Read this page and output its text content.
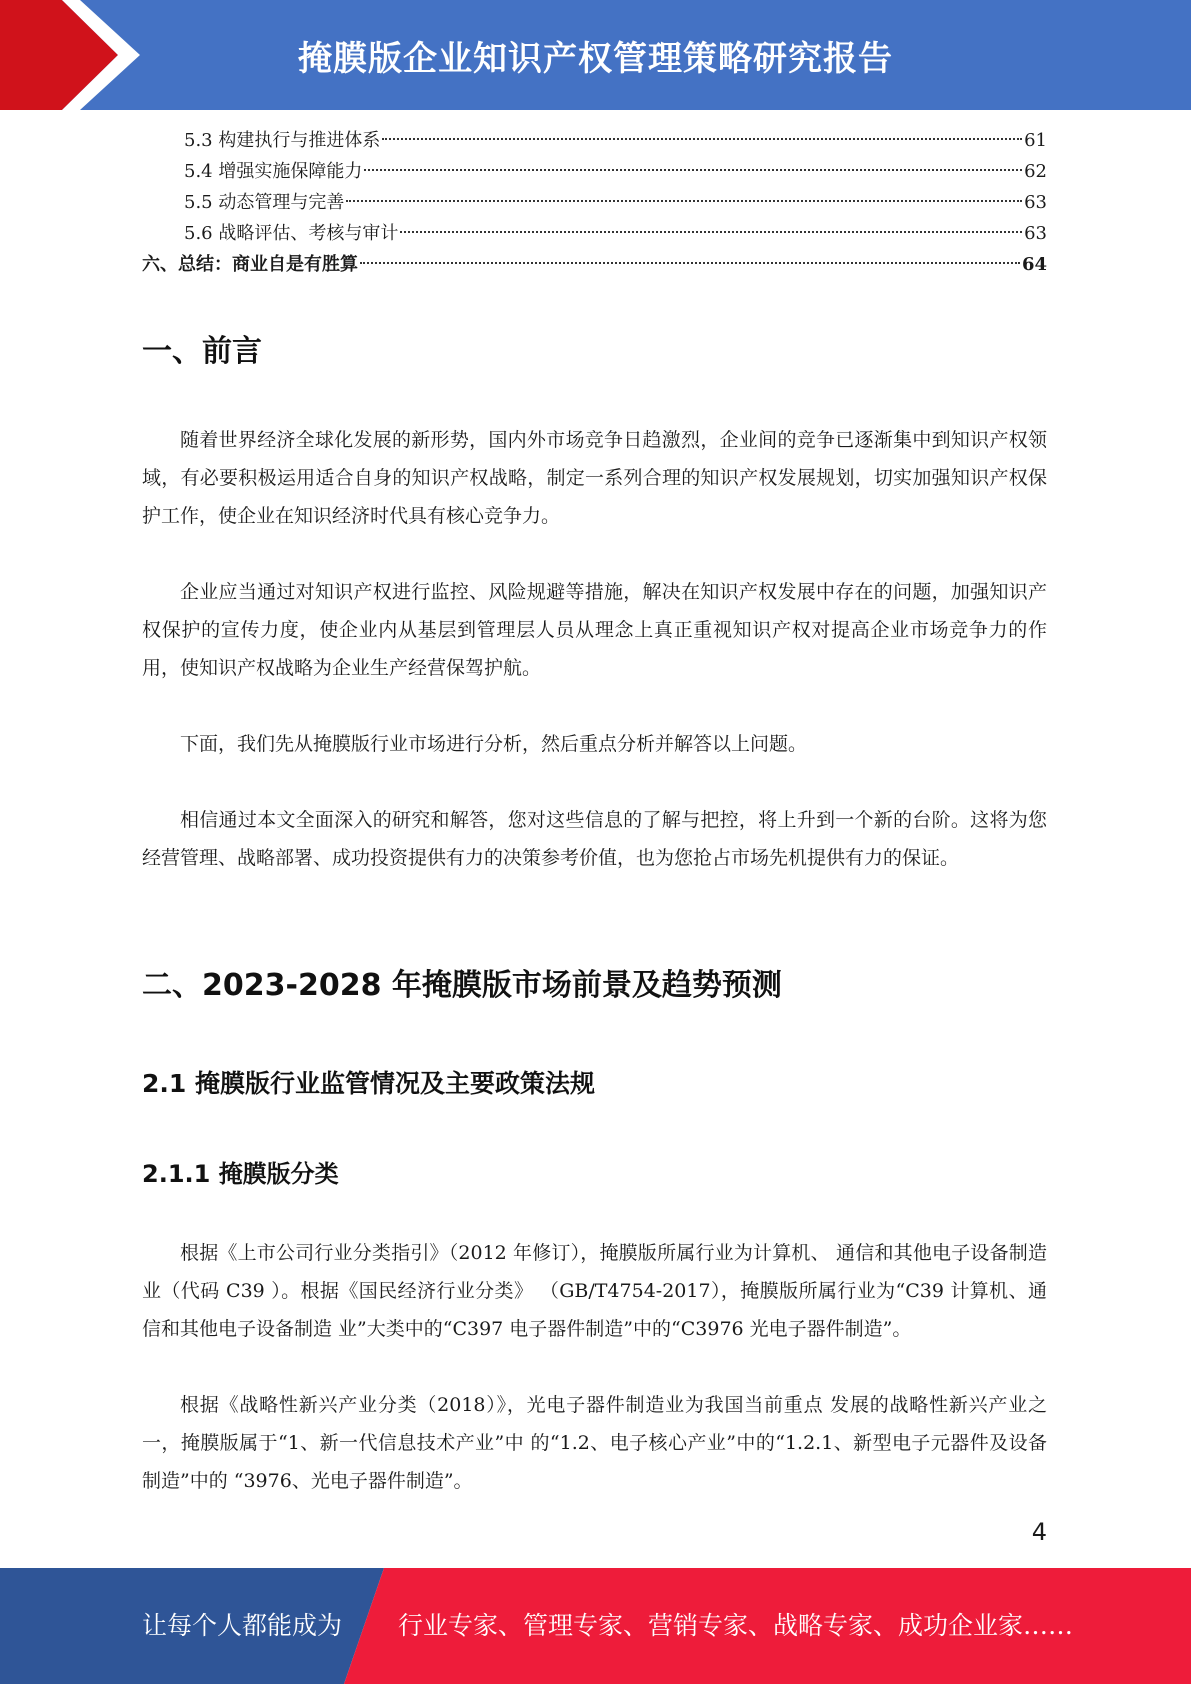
掩膜版企业知识产权管理策略研究报告
5.3 构建执行与推进体系	61
5.4 增强实施保障能力	62
5.5 动态管理与完善	63
5.6 战略评估、考核与审计	63
六、总结：商业自是有胜算	64
一、前言

随着世界经济全球化发展的新形势，国内外市场竞争日趋激烈，企业间的竞争已逐渐集中到知识产权领域，有必要积极运用适合自身的知识产权战略，制定一系列合理的知识产权发展规划，切实加强知识产权保护工作，使企业在知识经济时代具有核心竞争力。

企业应当通过对知识产权进行监控、风险规避等措施，解决在知识产权发展中存在的问题，加强知识产权保护的宣传力度，使企业内从基层到管理层人员从理念上真正重视知识产权对提高企业市场竞争力的作用，使知识产权战略为企业生产经营保驾护航。

下面，我们先从掩膜版行业市场进行分析，然后重点分析并解答以上问题。

相信通过本文全面深入的研究和解答，您对这些信息的了解与把控，将上升到一个新的台阶。这将为您经营管理、战略部署、成功投资提供有力的决策参考价值，也为您抢占市场先机提供有力的保证。

二、2023-2028 年掩膜版市场前景及趋势预测
2.1 掩膜版行业监管情况及主要政策法规
2.1.1 掩膜版分类

根据《上市公司行业分类指引》（2012 年修订），掩膜版所属行业为计算机、 通信和其他电子设备制造业（代码 C39 ）。根据《国民经济行业分类》 （GB/T4754-2017），掩膜版所属行业为“C39 计算机、通信和其他电子设备制造 业”大类中的“C397 电子器件制造”中的“C3976 光电子器件制造”。

根据《战略性新兴产业分类（2018）》，光电子器件制造业为我国当前重点 发展的战略性新兴产业之一，掩膜版属于“1、新一代信息技术产业”中 的“1.2、电子核心产业”中的“1.2.1、新型电子元器件及设备制造”中的 “3976、光电子器件制造”。

4
让每个人都能成为 行业专家、管理专家、营销专家、战略专家、成功企业家……
